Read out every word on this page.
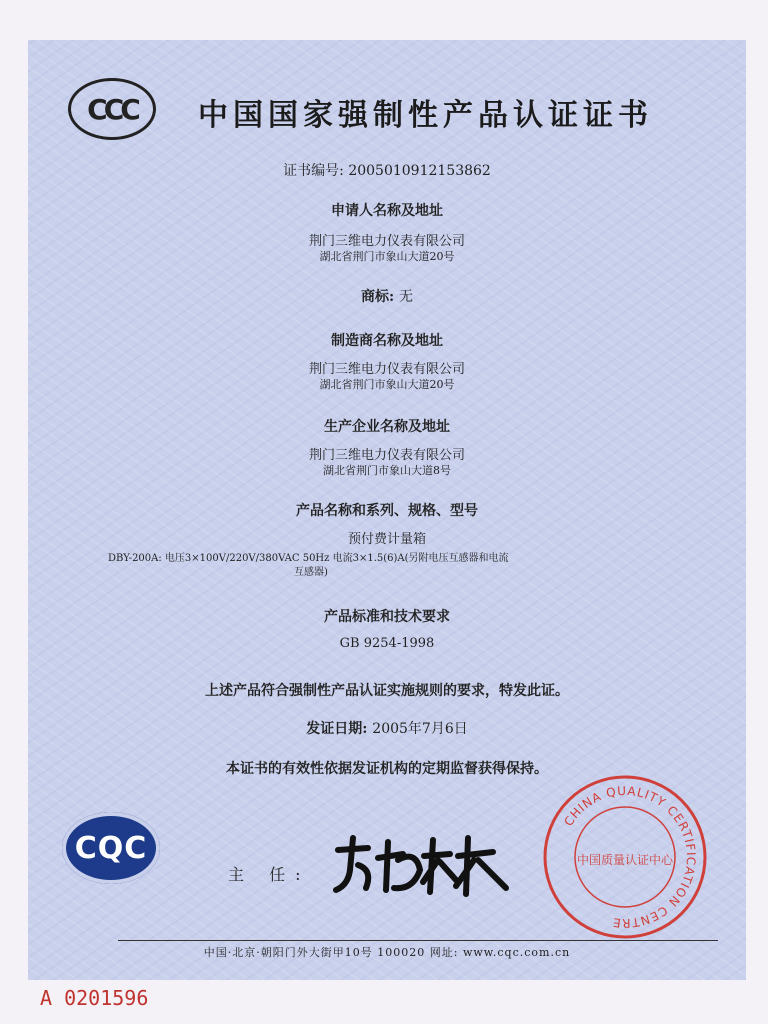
CCC	中国国家强制性产品认证证书
证书编号: 2005010912153862
申请人名称及地址
荆门三维电力仪表有限公司
湖北省荆门市象山大道20号
商标: 无
制造商名称及地址
荆门三维电力仪表有限公司
湖北省荆门市象山大道20号
生产企业名称及地址
荆门三维电力仪表有限公司
湖北省荆门市象山大道8号
产品名称和系列、规格、型号
预付费计量箱
DBY-200A: 电压3×100V/220V/380VAC 50Hz 电流3×1.5(6)A(另附电压互感器和电流
互感器)
产品标准和技术要求
GB 9254-1998
上述产品符合强制性产品认证实施规则的要求，特发此证。
发证日期: 2005年7月6日
本证书的有效性依据发证机构的定期监督获得保持。
CQC
主 任:
CHINA QUALITY CERTIFICATION CENTRE
中国质量认证中心
中国·北京·朝阳门外大街甲10号 100020 网址: www.cqc.com.cn
A 0201596
